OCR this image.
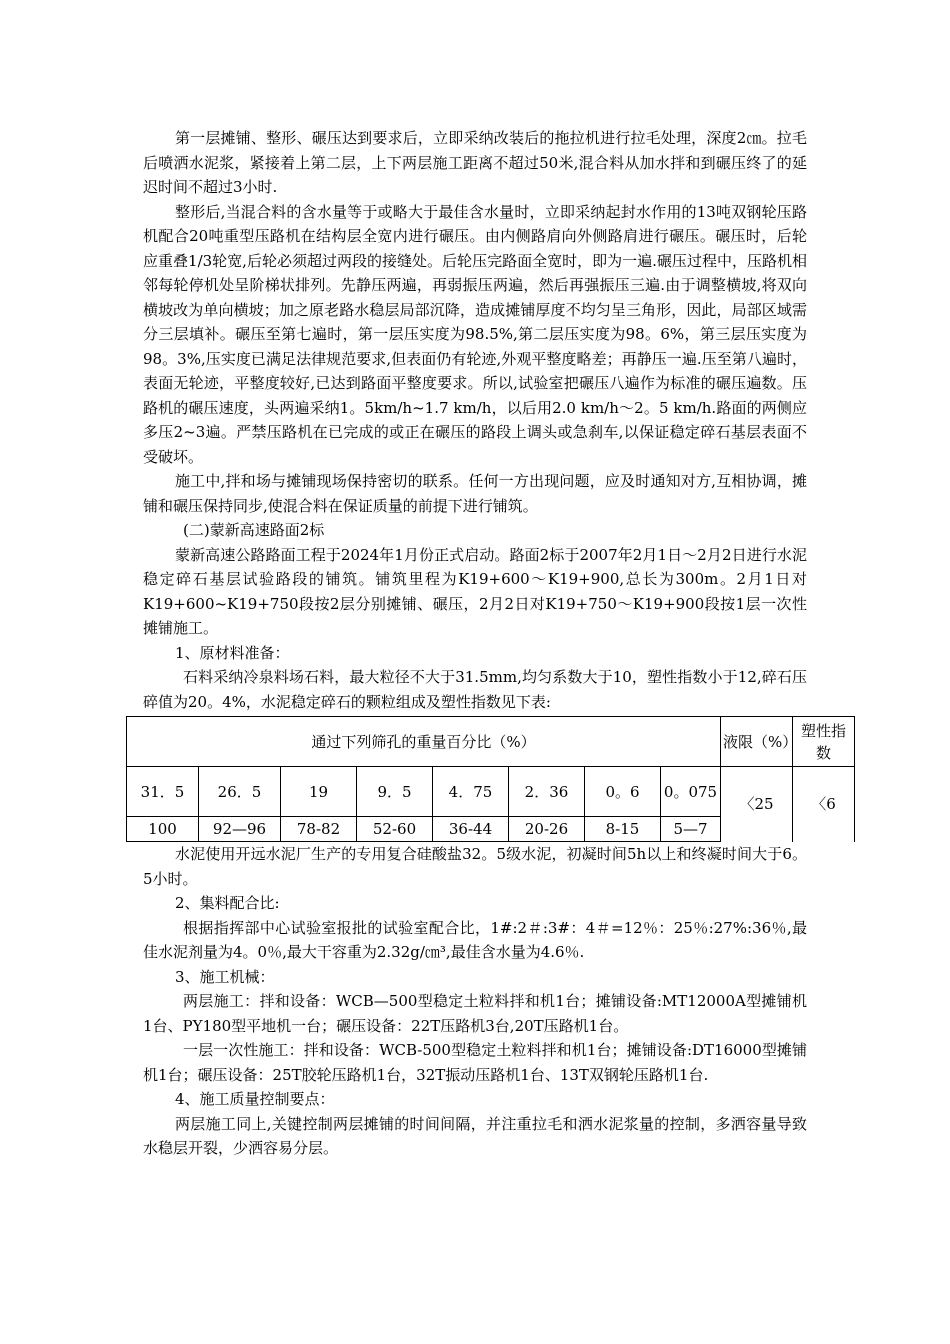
第一层摊铺、整形、碾压达到要求后，立即采纳改装后的拖拉机进行拉毛处理，深度2㎝。拉毛后喷洒水泥浆，紧接着上第二层，上下两层施工距离不超过50米,混合料从加水拌和到碾压终了的延迟时间不超过3小时.

整形后,当混合料的含水量等于或略大于最佳含水量时，立即采纳起封水作用的13吨双钢轮压路机配合20吨重型压路机在结构层全宽内进行碾压。由内侧路肩向外侧路肩进行碾压。碾压时，后轮应重叠1/3轮宽,后轮必须超过两段的接缝处。后轮压完路面全宽时，即为一遍.碾压过程中，压路机相邻每轮停机处呈阶梯状排列。先静压两遍，再弱振压两遍，然后再强振压三遍.由于调整横坡,将双向横坡改为单向横坡；加之原老路水稳层局部沉降，造成摊铺厚度不均匀呈三角形，因此，局部区域需分三层填补。碾压至第七遍时，第一层压实度为98.5%,第二层压实度为98。6%，第三层压实度为98。3%,压实度已满足法律规范要求,但表面仍有轮迹,外观平整度略差；再静压一遍.压至第八遍时，表面无轮迹，平整度较好,已达到路面平整度要求。所以,试验室把碾压八遍作为标准的碾压遍数。压路机的碾压速度，头两遍采纳1。5km/h~1.7 km/h，以后用2.0 km/h～2。5 km/h.路面的两侧应多压2~3遍。严禁压路机在已完成的或正在碾压的路段上调头或急刹车,以保证稳定碎石基层表面不受破坏。

施工中,拌和场与摊铺现场保持密切的联系。任何一方出现问题，应及时通知对方,互相协调，摊铺和碾压保持同步,使混合料在保证质量的前提下进行铺筑。

(二)蒙新高速路面2标

蒙新高速公路路面工程于2024年1月份正式启动。路面2标于2007年2月1日～2月2日进行水泥稳定碎石基层试验路段的铺筑。铺筑里程为K19+600～K19+900,总长为300m。2月1日对K19+600~K19+750段按2层分别摊铺、碾压，2月2日对K19+750～K19+900段按1层一次性摊铺施工。

1、原材料准备：

石料采纳冷泉料场石料，最大粒径不大于31.5mm,均匀系数大于10，塑性指数小于12,碎石压碎值为20。4%，水泥稳定碎石的颗粒组成及塑性指数见下表:

通过下列筛孔的重量百分比（%）								液限（%）	塑性指数
31．5	26．5	19	9．5	4．75	2．36	0。6	0。075	〈25	〈6
100	92—96	78-82	52-60	36-44	20-26	8-15	5—7		

水泥使用开远水泥厂生产的专用复合硅酸盐32。5级水泥，初凝时间5h以上和终凝时间大于6。5小时。

2、集料配合比:

根据指挥部中心试验室报批的试验室配合比，1#:2＃:3#：4＃=12％：25％:27%:36％,最佳水泥剂量为4。0％,最大干容重为2.32g/㎝³,最佳含水量为4.6％.

3、施工机械：

两层施工：拌和设备：WCB—500型稳定土粒料拌和机1台；摊铺设备:MT12000A型摊铺机1台、PY180型平地机一台；碾压设备：22T压路机3台,20T压路机1台。

一层一次性施工：拌和设备：WCB-500型稳定土粒料拌和机1台；摊铺设备:DT16000型摊铺机1台；碾压设备：25T胶轮压路机1台，32T振动压路机1台、13T双钢轮压路机1台.

4、施工质量控制要点：

两层施工同上,关键控制两层摊铺的时间间隔，并注重拉毛和洒水泥浆量的控制，多洒容量导致水稳层开裂，少洒容易分层。
